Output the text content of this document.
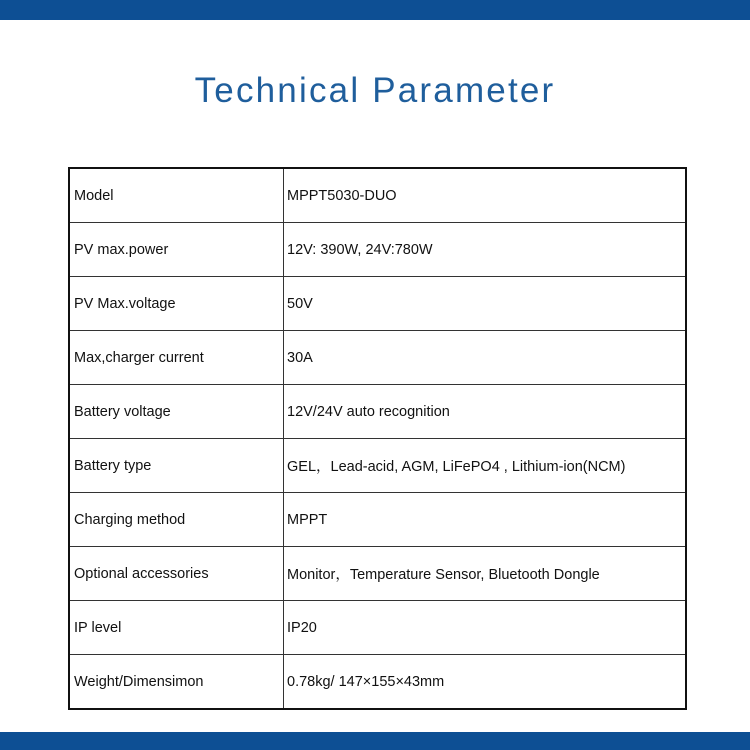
Technical Parameter
Model	MPPT5030-DUO
PV max.power	12V: 390W, 24V:780W
PV Max.voltage	50V
Max,charger current	30A
Battery voltage	12V/24V auto recognition
Battery type	GEL，Lead-acid, AGM, LiFePO4 , Lithium-ion(NCM)
Charging method	MPPT
Optional accessories	Monitor，Temperature Sensor, Bluetooth Dongle
IP level	IP20
Weight/Dimensimon	0.78kg/ 147×155×43mm
